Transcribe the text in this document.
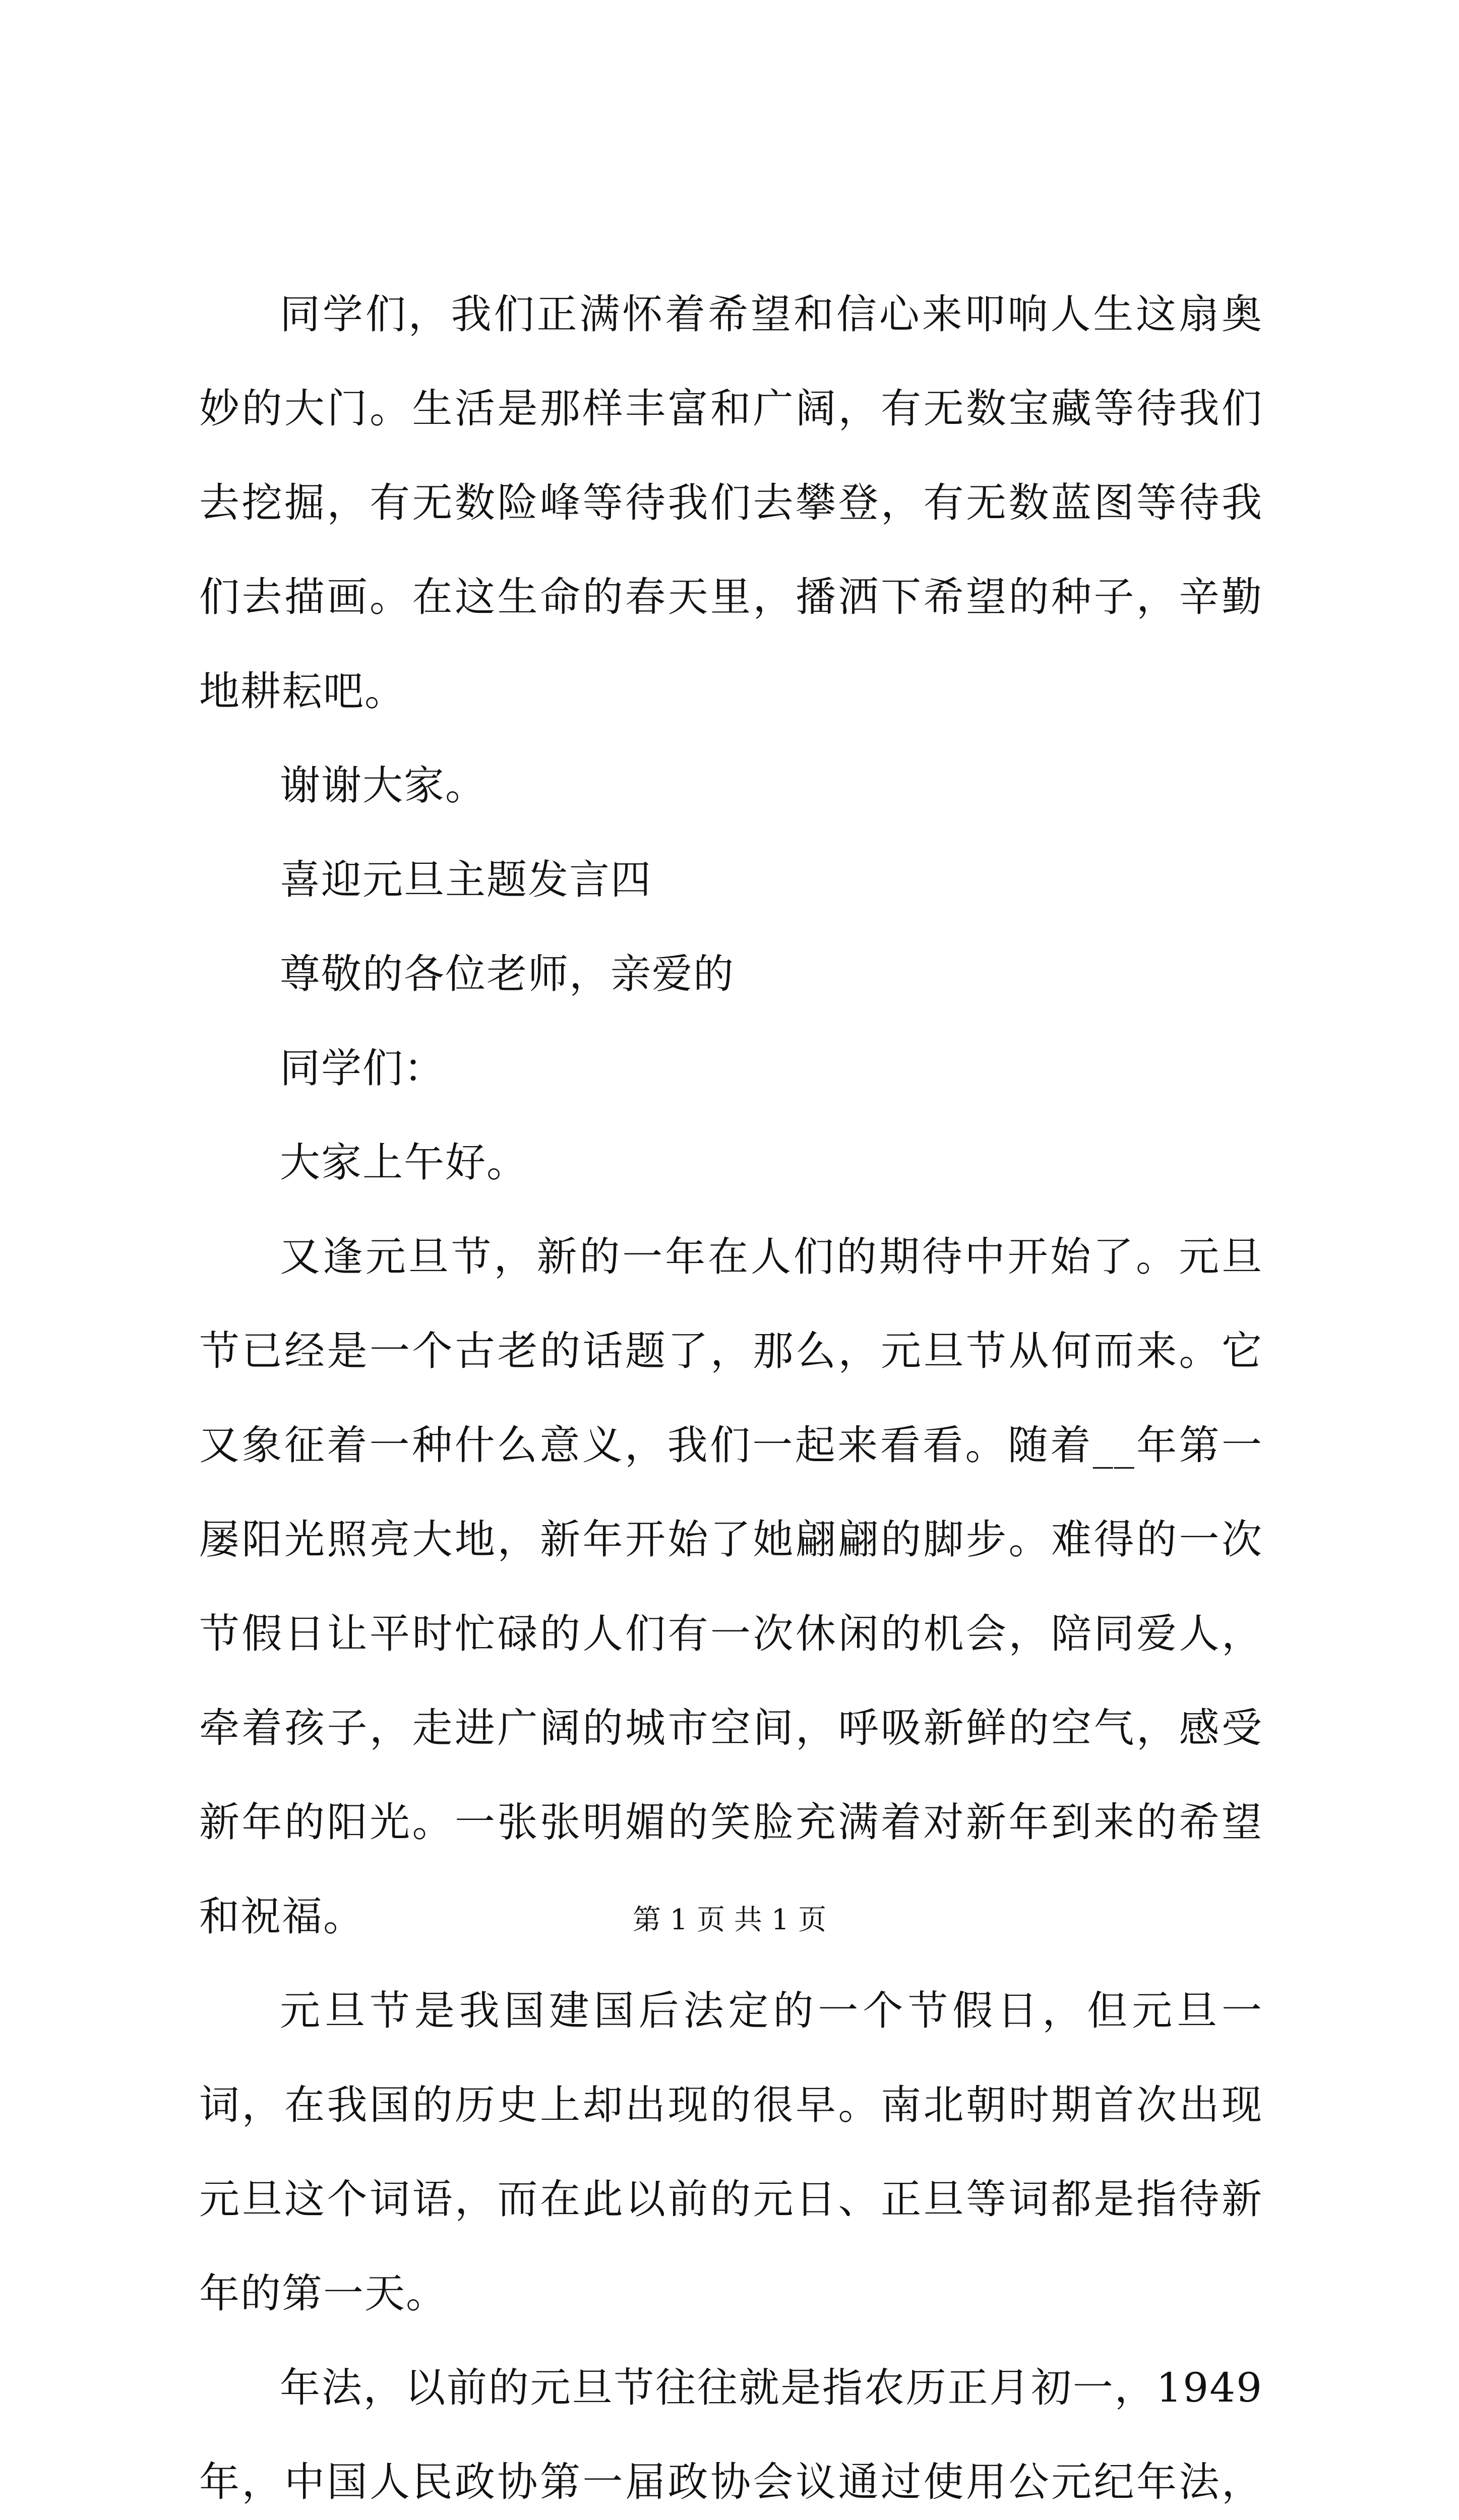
同学们，我们正满怀着希望和信心来叩响人生这扇奥妙的大门。生活是那样丰富和广阔，有无数宝藏等待我们去挖掘，有无数险峰等待我们去攀登，有无数蓝图等待我们去描画。在这生命的春天里，播洒下希望的种子，辛勤地耕耘吧。

谢谢大家。

喜迎元旦主题发言四

尊敬的各位老师，亲爱的

同学们：

大家上午好。

又逢元旦节，新的一年在人们的期待中开始了。元旦节已经是一个古老的话题了，那么，元旦节从何而来。它又象征着一种什么意义，我们一起来看看。随着__年第一屡阳光照亮大地，新年开始了她翩翩的脚步。难得的一次节假日让平时忙碌的人们有一次休闲的机会，陪同爱人，牵着孩子，走进广阔的城市空间，呼吸新鲜的空气，感受新年的阳光。一张张明媚的笑脸充满着对新年到来的希望和祝福。

元旦节是我国建国后法定的一个节假日，但元旦一词，在我国的历史上却出现的很早。南北朝时期首次出现元旦这个词语，而在此以前的元日、正旦等词都是指待新年的第一天。

年法，以前的元旦节往往就是指农历正月初一，1949年，中国人民政协第一届政协会议通过使用公元纪年法，

第 1 页 共 1 页
